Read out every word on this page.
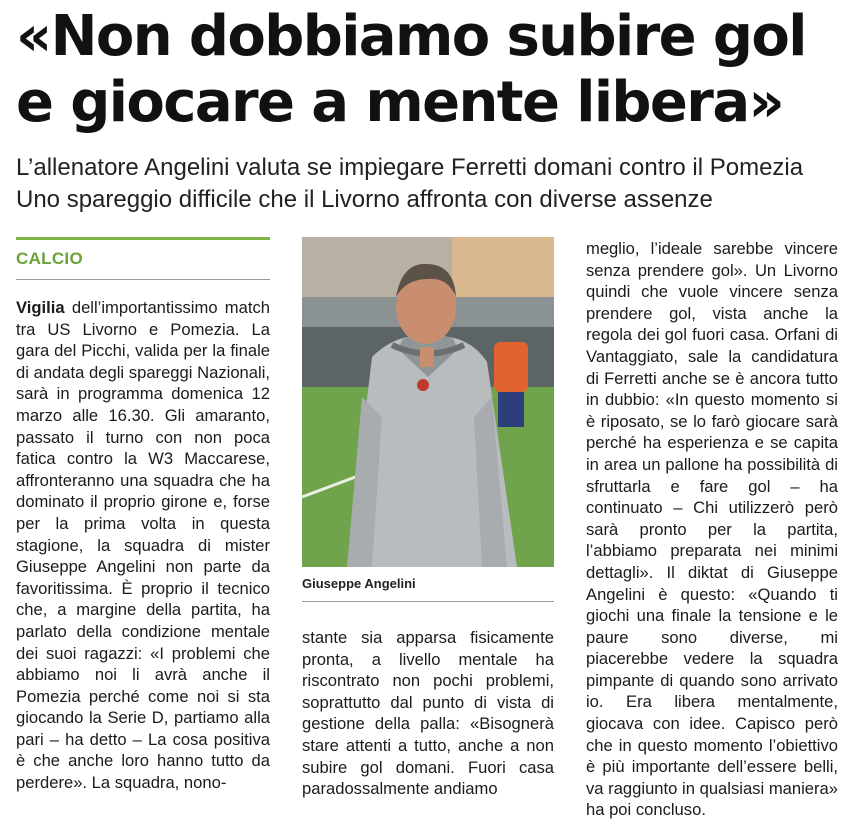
«Non dobbiamo subire gol e giocare a mente libera»

L’allenatore Angelini valuta se impiegare Ferretti domani contro il Pomezia
Uno spareggio difficile che il Livorno affronta con diverse assenze

CALCIO

Vigilia dell’importantissimo match tra US Livorno e Pomezia. La gara del Picchi, valida per la finale di andata degli spareggi Nazionali, sarà in programma domenica 12 marzo alle 16.30. Gli amaranto, passato il turno con non poca fatica contro la W3 Maccarese, affronteranno una squadra che ha dominato il proprio girone e, forse per la prima volta in questa stagione, la squadra di mister Giuseppe Angelini non parte da favoritissima. È proprio il tecnico che, a margine della partita, ha parlato della condizione mentale dei suoi ragazzi: «I problemi che abbiamo noi li avrà anche il Pomezia perché come noi si sta giocando la Serie D, partiamo alla pari – ha detto – La cosa positiva è che anche loro hanno tutto da perdere». La squadra, nono-

Giuseppe Angelini

stante sia apparsa fisicamente pronta, a livello mentale ha riscontrato non pochi problemi, soprattutto dal punto di vista di gestione della palla: «Bisognerà stare attenti a tutto, anche a non subire gol domani. Fuori casa paradossalmente andiamo

meglio, l’ideale sarebbe vincere senza prendere gol». Un Livorno quindi che vuole vincere senza prendere gol, vista anche la regola dei gol fuori casa. Orfani di Vantaggiato, sale la candidatura di Ferretti anche se è ancora tutto in dubbio: «In questo momento si è riposato, se lo farò giocare sarà perché ha esperienza e se capita in area un pallone ha possibilità di sfruttarla e fare gol – ha continuato – Chi utilizzerò però sarà pronto per la partita, l’abbiamo preparata nei minimi dettagli». Il diktat di Giuseppe Angelini è questo: «Quando ti giochi una finale la tensione e le paure sono diverse, mi piacerebbe vedere la squadra pimpante di quando sono arrivato io. Era libera mentalmente, giocava con idee. Capisco però che in questo momento l’obiettivo è più importante dell’essere belli, va raggiunto in qualsiasi maniera» ha poi concluso.
